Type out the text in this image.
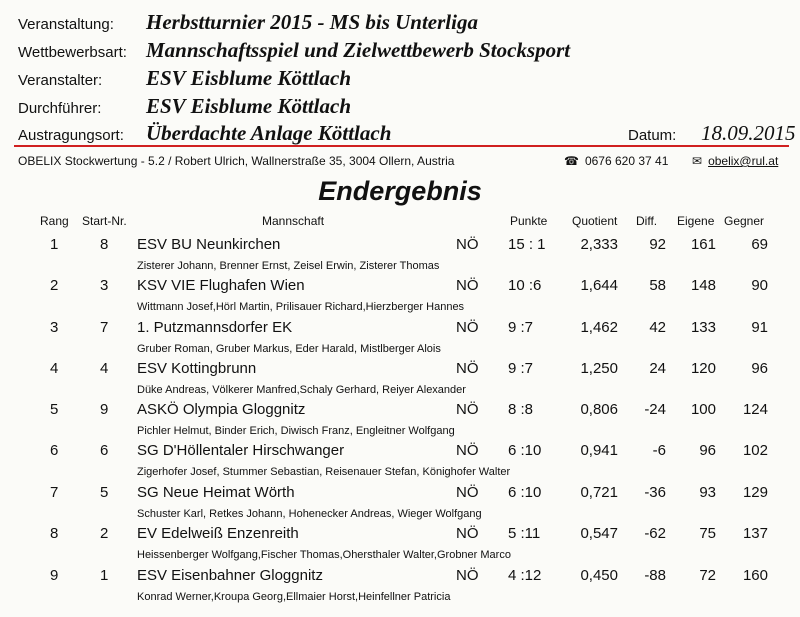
Veranstaltung: Herbstturnier 2015 - MS bis Unterliga
Wettbewerbsart: Mannschaftsspiel und Zielwettbewerb Stocksport
Veranstalter: ESV Eisblume Köttlach
Durchführer: ESV Eisblume Köttlach
Austragungsort: Überdachte Anlage Köttlach	Datum: 18.09.2015
OBELIX Stockwertung - 5.2 / Robert Ulrich, Wallnerstraße 35, 3004 Ollern, Austria	☎ 0676 620 37 41 ✉ obelix@rul.at
Endergebnis
Rang Start-Nr.	Mannschaft	Punkte Quotient Diff. Eigene Gegner
1	8 ESV BU Neunkirchen	NÖ 15 : 1	2,333	92	161	69
Zisterer Johann, Brenner Ernst, Zeisel Erwin, Zisterer Thomas
2	3 KSV VIE Flughafen Wien	NÖ 10 :6	1,644	58	148	90
Wittmann Josef,Hörl Martin, Prilisauer Richard,Hierzberger Hannes
3	7 1. Putzmannsdorfer EK	NÖ 9 :7	1,462	42	133	91
Gruber Roman, Gruber Markus, Eder Harald, Mistlberger Alois
4	4 ESV Kottingbrunn	NÖ 9 :7	1,250	24	120	96
Düke Andreas, Völkerer Manfred,Schaly Gerhard, Reiyer Alexander
5	9 ASKÖ Olympia Gloggnitz	NÖ 8 :8	0,806	-24	100	124
Pichler Helmut, Binder Erich, Diwisch Franz, Engleitner Wolfgang
6	6 SG D'Höllentaler Hirschwanger	NÖ 6 :10	0,941	-6	96	102
Zigerhofer Josef, Stummer Sebastian, Reisenauer Stefan, Könighofer Walter
7	5 SG Neue Heimat Wörth	NÖ 6 :10	0,721	-36	93	129
Schuster Karl, Retkes Johann, Hohenecker Andreas, Wieger Wolfgang
8	2 EV Edelweiß Enzenreith	NÖ 5 :11	0,547	-62	75	137
Heissenberger Wolfgang,Fischer Thomas,Ohersthaler Walter,Grobner Marco
9	1 ESV Eisenbahner Gloggnitz	NÖ 4 :12	0,450	-88	72	160
Konrad Werner,Kroupa Georg,Ellmaier Horst,Heinfellner Patricia
